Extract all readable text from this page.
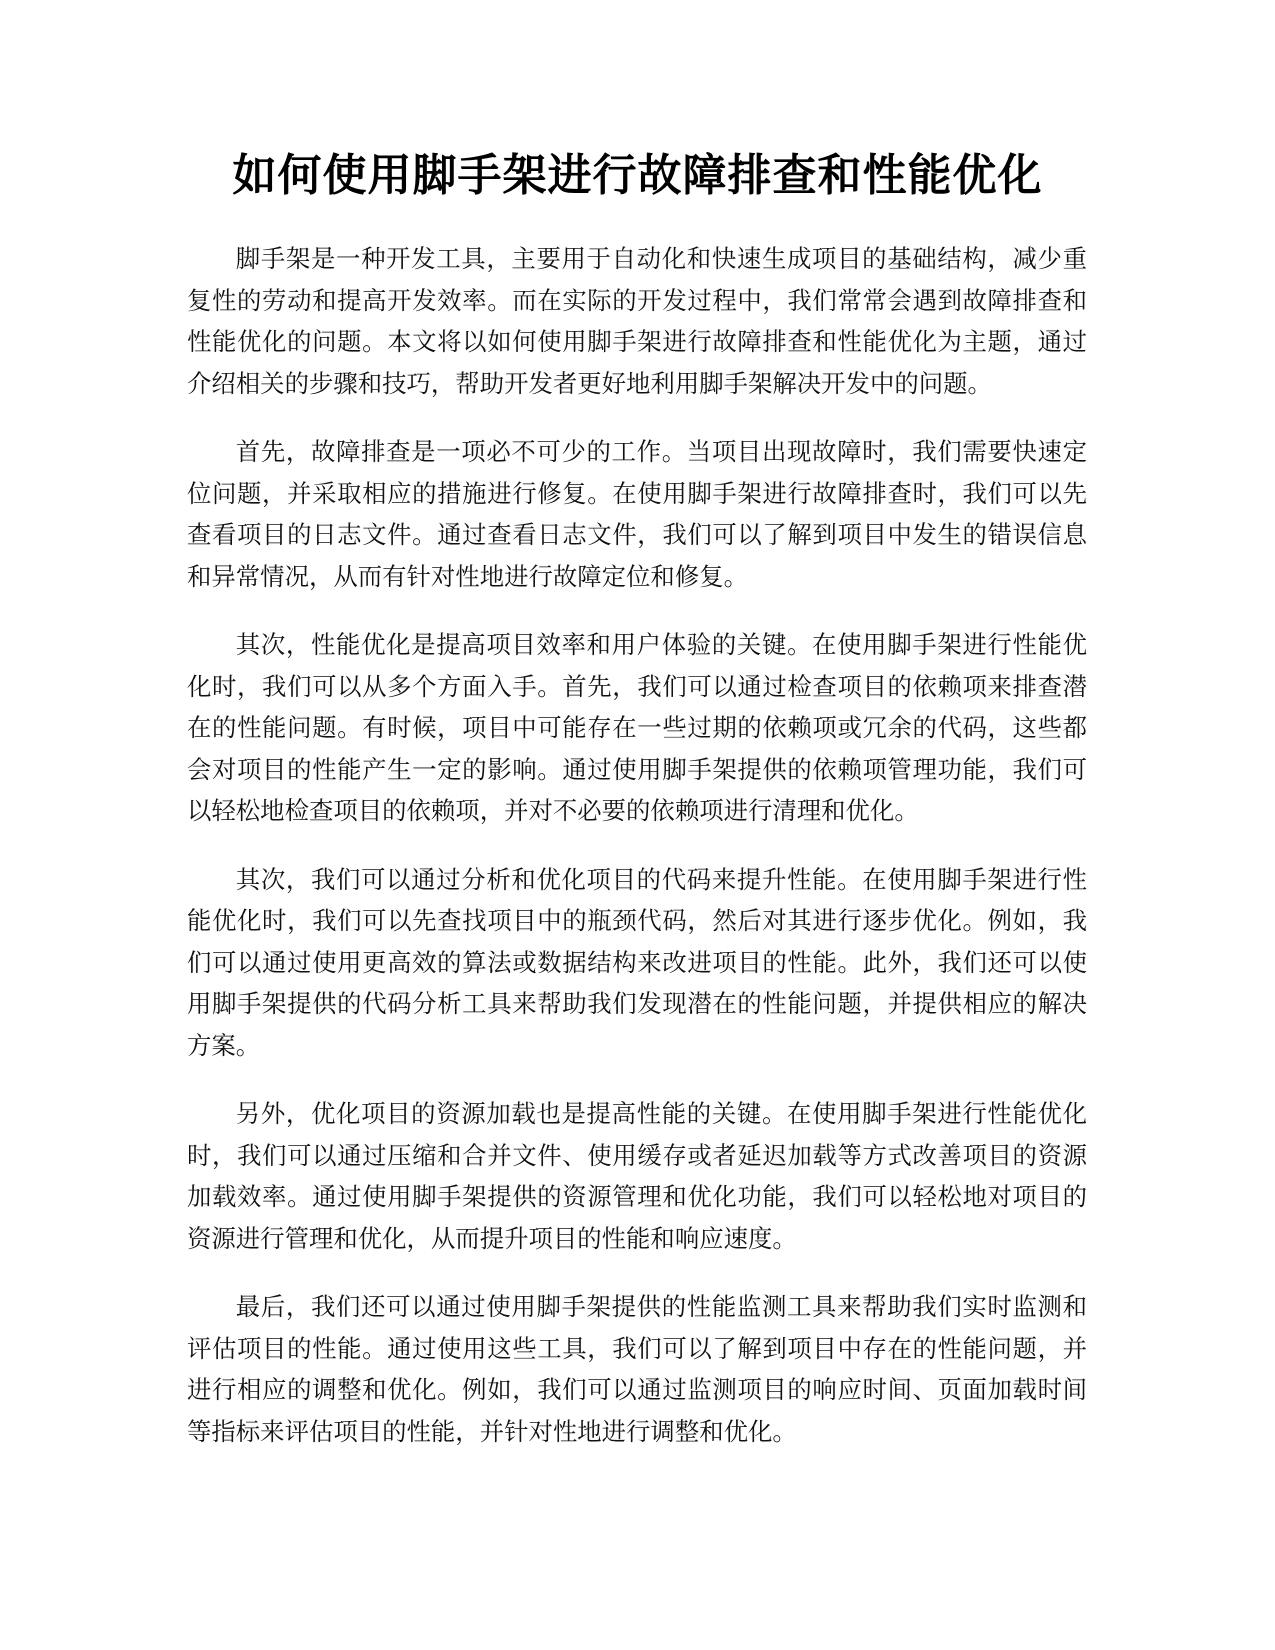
如何使用脚手架进行故障排查和性能优化

脚手架是一种开发工具，主要用于自动化和快速生成项目的基础结构，减少重复性的劳动和提高开发效率。而在实际的开发过程中，我们常常会遇到故障排查和性能优化的问题。本文将以如何使用脚手架进行故障排查和性能优化为主题，通过介绍相关的步骤和技巧，帮助开发者更好地利用脚手架解决开发中的问题。

首先，故障排查是一项必不可少的工作。当项目出现故障时，我们需要快速定位问题，并采取相应的措施进行修复。在使用脚手架进行故障排查时，我们可以先查看项目的日志文件。通过查看日志文件，我们可以了解到项目中发生的错误信息和异常情况，从而有针对性地进行故障定位和修复。

其次，性能优化是提高项目效率和用户体验的关键。在使用脚手架进行性能优化时，我们可以从多个方面入手。首先，我们可以通过检查项目的依赖项来排查潜在的性能问题。有时候，项目中可能存在一些过期的依赖项或冗余的代码，这些都会对项目的性能产生一定的影响。通过使用脚手架提供的依赖项管理功能，我们可以轻松地检查项目的依赖项，并对不必要的依赖项进行清理和优化。

其次，我们可以通过分析和优化项目的代码来提升性能。在使用脚手架进行性能优化时，我们可以先查找项目中的瓶颈代码，然后对其进行逐步优化。例如，我们可以通过使用更高效的算法或数据结构来改进项目的性能。此外，我们还可以使用脚手架提供的代码分析工具来帮助我们发现潜在的性能问题，并提供相应的解决方案。

另外，优化项目的资源加载也是提高性能的关键。在使用脚手架进行性能优化时，我们可以通过压缩和合并文件、使用缓存或者延迟加载等方式改善项目的资源加载效率。通过使用脚手架提供的资源管理和优化功能，我们可以轻松地对项目的资源进行管理和优化，从而提升项目的性能和响应速度。

最后，我们还可以通过使用脚手架提供的性能监测工具来帮助我们实时监测和评估项目的性能。通过使用这些工具，我们可以了解到项目中存在的性能问题，并进行相应的调整和优化。例如，我们可以通过监测项目的响应时间、页面加载时间等指标来评估项目的性能，并针对性地进行调整和优化。
